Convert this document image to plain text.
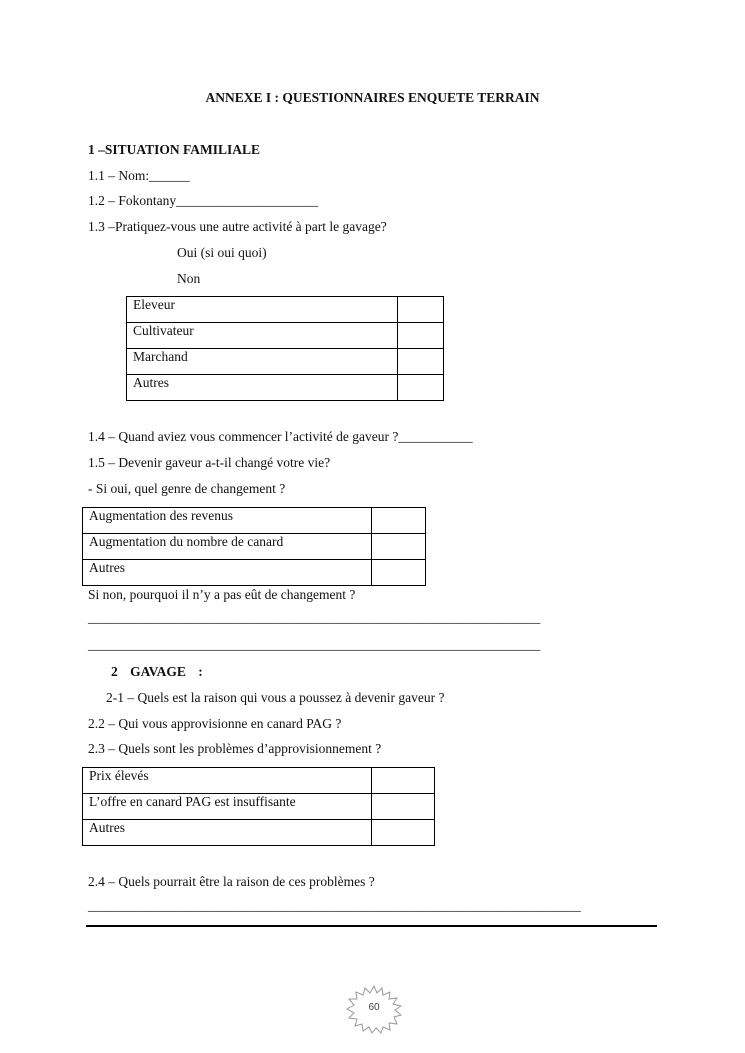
ANNEXE I : QUESTIONNAIRES ENQUETE TERRAIN
1 –SITUATION FAMILIALE
1.1 – Nom:______
1.2 – Fokontany_____________________
1.3 –Pratiquez-vous une autre activité à part le gavage?
Oui (si oui quoi)
Non
Eleveur	
Cultivateur	
Marchand	
Autres	
1.4 – Quand aviez vous commencer l’activité de gaveur ?___________
1.5 – Devenir gaveur a-t-il changé votre vie?
- Si oui, quel genre de changement ?
Augmentation des revenus	
Augmentation du nombre de canard	
Autres	
Si non, pourquoi il n’y a pas eût de changement ?
___________________________________________________________________
___________________________________________________________________
2 GAVAGE :
2-1 – Quels est la raison qui vous a poussez à devenir gaveur ?
2.2 – Qui vous approvisionne en canard PAG ?
2.3 – Quels sont les problèmes d’approvisionnement ?
Prix élevés	
L’offre en canard PAG est insuffisante	
Autres	
2.4 – Quels pourrait être la raison de ces problèmes ?
_________________________________________________________________________
60
